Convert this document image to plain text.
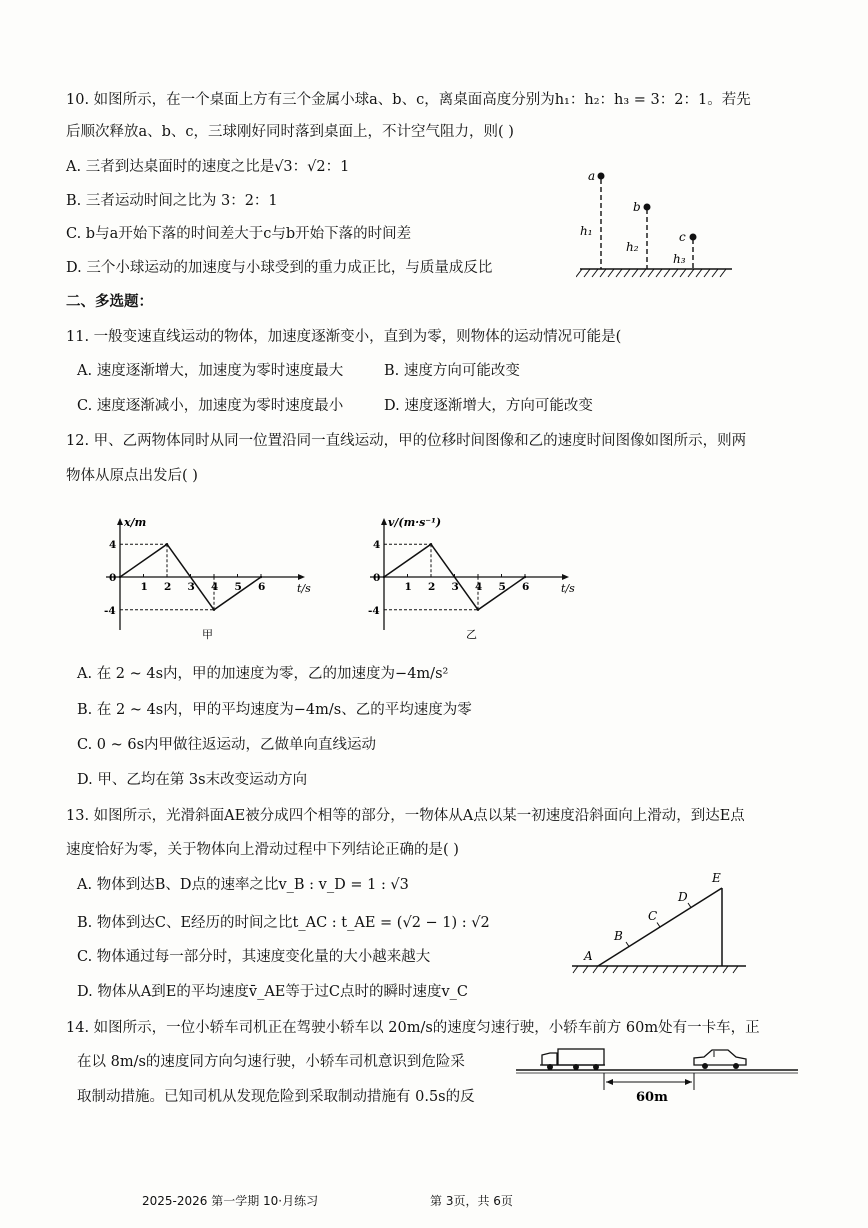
10. 如图所示，在一个桌面上方有三个金属小球a、b、c，离桌面高度分别为h₁：h₂：h₃ = 3：2：1。若先
后顺次释放a、b、c，三球刚好同时落到桌面上，不计空气阻力，则( )
A. 三者到达桌面时的速度之比是√3：√2：1
B. 三者运动时间之比为 3：2：1
C. b与a开始下落的时间差大于c与b开始下落的时间差
D. 三个小球运动的加速度与小球受到的重力成正比，与质量成反比
a
b
c
h₁
h₂
h₃
二、多选题：
11. 一般变速直线运动的物体，加速度逐渐变小，直到为零，则物体的运动情况可能是(
A. 速度逐渐增大，加速度为零时速度最大	B. 速度方向可能改变
C. 速度逐渐减小，加速度为零时速度最小	D. 速度逐渐增大，方向可能改变
12. 甲、乙两物体同时从同一位置沿同一直线运动，甲的位移时间图像和乙的速度时间图像如图所示，则两
物体从原点出发后( )
x/m
t/s
1 2 3 4 5 6
4
0
-4
甲
v/(m·s⁻¹)
t/s
1 2 3 4 5 6
4
0
-4
乙
A. 在 2 ~ 4s内，甲的加速度为零，乙的加速度为−4m/s²
B. 在 2 ~ 4s内，甲的平均速度为−4m/s、乙的平均速度为零
C. 0 ~ 6s内甲做往返运动，乙做单向直线运动
D. 甲、乙均在第 3s末改变运动方向
13. 如图所示，光滑斜面AE被分成四个相等的部分，一物体从A点以某一初速度沿斜面向上滑动，到达E点
速度恰好为零，关于物体向上滑动过程中下列结论正确的是( )
A. 物体到达B、D点的速率之比v_B : v_D = 1 : √3
B. 物体到达C、E经历的时间之比t_AC : t_AE = (√2 − 1) : √2
C. 物体通过每一部分时，其速度变化量的大小越来越大
D. 物体从A到E的平均速度v̄_AE等于过C点时的瞬时速度v_C
A
B
C
D
E
14. 如图所示，一位小轿车司机正在驾驶小轿车以 20m/s的速度匀速行驶，小轿车前方 60m处有一卡车，正
在以 8m/s的速度同方向匀速行驶，小轿车司机意识到危险采
取制动措施。已知司机从发现危险到采取制动措施有 0.5s的反	60m
2025-2026 第一学期 10·月练习	第 3页，共 6页
